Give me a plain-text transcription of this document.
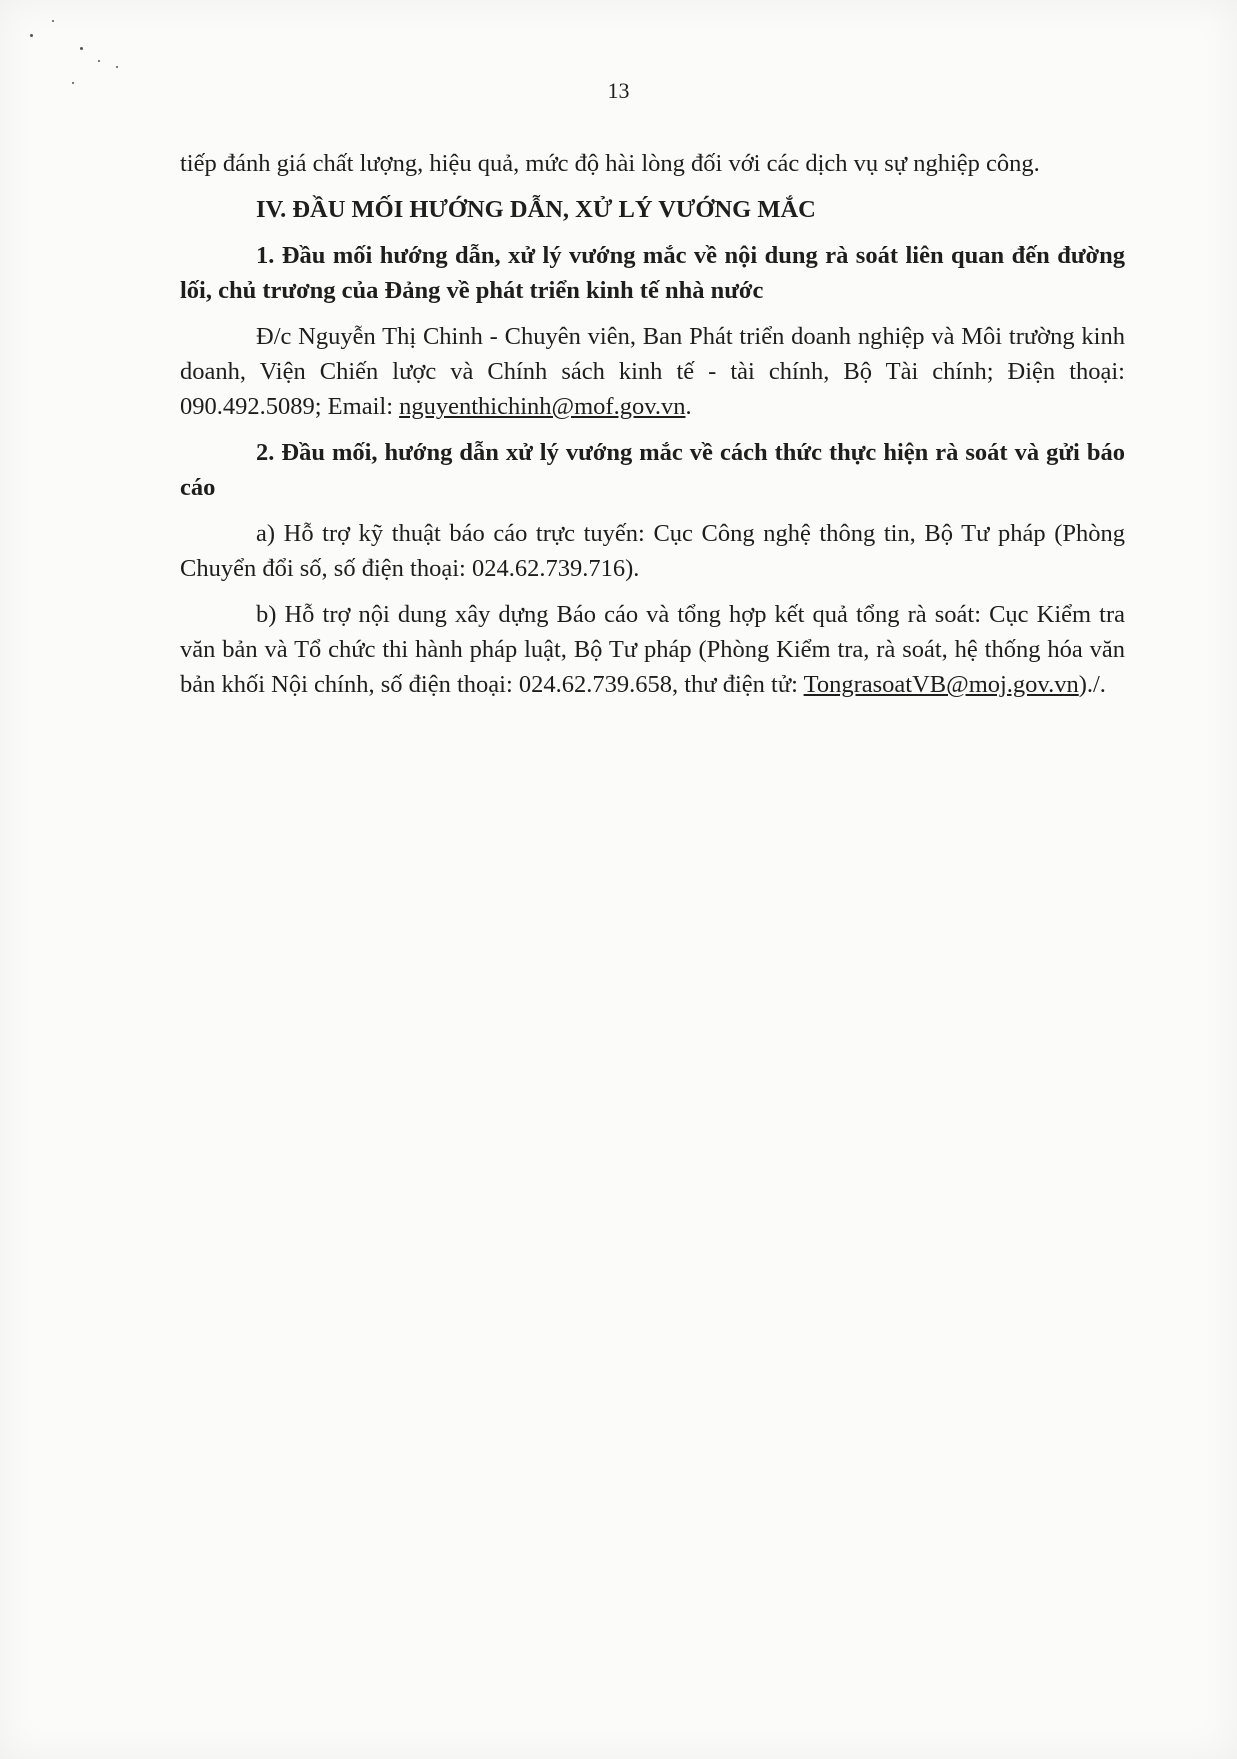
13

tiếp đánh giá chất lượng, hiệu quả, mức độ hài lòng đối với các dịch vụ sự nghiệp công.

IV. ĐẦU MỐI HƯỚNG DẪN, XỬ LÝ VƯỚNG MẮC

1. Đầu mối hướng dẫn, xử lý vướng mắc về nội dung rà soát liên quan đến đường lối, chủ trương của Đảng về phát triển kinh tế nhà nước

Đ/c Nguyễn Thị Chinh - Chuyên viên, Ban Phát triển doanh nghiệp và Môi trường kinh doanh, Viện Chiến lược và Chính sách kinh tế - tài chính, Bộ Tài chính; Điện thoại: 090.492.5089; Email: nguyenthichinh@mof.gov.vn.

2. Đầu mối, hướng dẫn xử lý vướng mắc về cách thức thực hiện rà soát và gửi báo cáo

a) Hỗ trợ kỹ thuật báo cáo trực tuyến: Cục Công nghệ thông tin, Bộ Tư pháp (Phòng Chuyển đổi số, số điện thoại: 024.62.739.716).

b) Hỗ trợ nội dung xây dựng Báo cáo và tổng hợp kết quả tổng rà soát: Cục Kiểm tra văn bản và Tổ chức thi hành pháp luật, Bộ Tư pháp (Phòng Kiểm tra, rà soát, hệ thống hóa văn bản khối Nội chính, số điện thoại: 024.62.739.658, thư điện tử: TongrasoatVB@moj.gov.vn)./.
